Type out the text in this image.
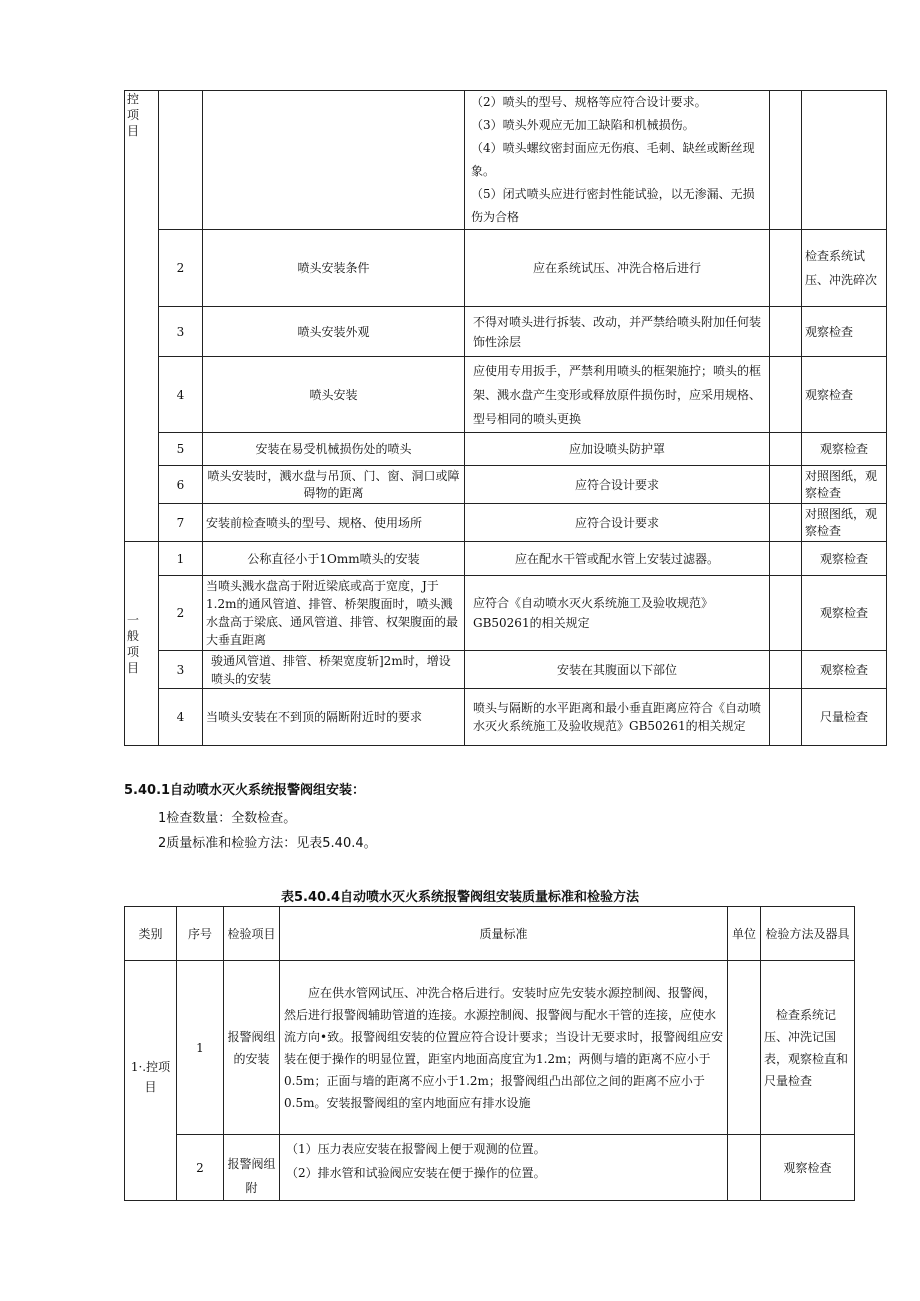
控
项
目			（2）喷头的型号、规格等应符合设计要求。
（3）喷头外观应无加工缺陷和机械损伤。
（4）喷头螺纹密封面应无伤痕、毛刺、缺丝或断丝现象。
（5）闭式喷头应进行密封性能试验，以无渗漏、无损伤为合格		

	2	喷头安装条件	应在系统试压、冲洗合格后进行		检查系统试压、冲洗碎次
	3	喷头安装外观	不得对喷头进行拆装、改动，并严禁给喷头附加任何装饰性涂层		观察检查
	4	喷头安装	应使用专用扳手，严禁利用喷头的框架施拧；喷头的框架、溅水盘产生变形或释放原件损伤时，应采用规格、型号相同的喷头更换		观察检查
	5	安装在易受机械损伤处的喷头	应加设喷头防护罩		观察检查
	6	喷头安装时，溅水盘与吊顶、门、窗、洞口或障碍物的距离	应符合设计要求		对照图纸，观察检查
	7	安装前检查喷头的型号、规格、使用场所	应符合设计要求		对照图纸，观察检查

一
般
项
目	1	公称直径小于1Omm喷头的安装	应在配水干管或配水管上安装过滤器。		观察检查
	2	当喷头溅水盘高于附近梁底或高于宽度，J于1.2m的通风管道、排管、桥架腹面时，喷头溅水盘高于梁底、通风管道、排管、权架腹面的最大垂直距离	应符合《自动喷水灭火系统施工及验收规范》GB50261的相关规定		观察检查
	3	骏通风管道、排管、桥架宽度斩]2m时，增设喷头的安装	安装在其腹面以下部位		观察检查
	4	当喷头安装在不到顶的隔断附近时的要求	喷头与隔断的水平距离和最小垂直距离应符合《自动喷水灭火系统施工及验收规范》GB50261的相关规定		尺量检查
5.40.1自动喷水灭火系统报警阀组安装：
1检查数量：全数检查。
2质量标准和检验方法：见表5.40.4。
表5.40.4自动喷水灭火系统报警阀组安装质量标准和检验方法
类别	序号	检验项目	质量标准	单位	检验方法及器具
1·.控项目	1	报警阀组的安装	应在供水管网试压、冲洗合格后进行。安装时应先安装水源控制阀、报警阀，然后进行报警阀辅助管道的连接。水源控制阀、报警阀与配水干管的连接，应使水流方向•致。报警阀组安装的位置应符合设计要求；当设计无要求时，报警阀组应安装在便于操作的明显位置，距室内地面高度宜为1.2m；两侧与墙的距离不应小于0.5m；正面与墙的距离不应小于1.2m；报警阀组凸出部位之间的距离不应小于0.5m。安装报警阀组的室内地面应有排水设施		检查系统记压、冲洗记国表，观察检直和尺量检查
	2	报警阀组附	（1）压力表应安装在报警阀上便于观测的位置。
（2）排水管和试验阀应安装在便于操作的位置。		观察检查
